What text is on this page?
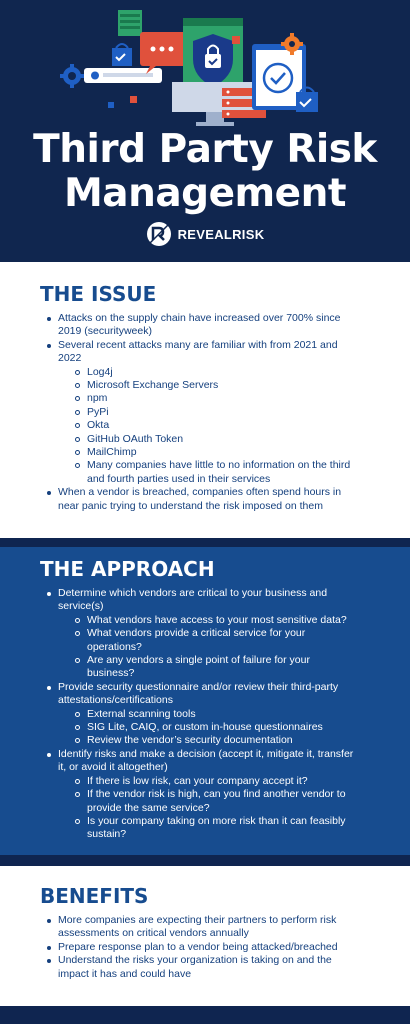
Third Party Risk
Management
REVEALRISK
THE ISSUE
Attacks on the supply chain have increased over 700% since 2019 (securityweek)
Several recent attacks many are familiar with from 2021 and 2022
Log4j
Microsoft Exchange Servers
npm
PyPi
Okta
GitHub OAuth Token
MailChimp
Many companies have little to no information on the third and fourth parties used in their services
When a vendor is breached, companies often spend hours in near panic trying to understand the risk imposed on them
THE APPROACH
Determine which vendors are critical to your business and service(s)
What vendors have access to your most sensitive data?
What vendors provide a critical service for your operations?
Are any vendors a single point of failure for your business?
Provide security questionnaire and/or review their third-party attestations/certifications
External scanning tools
SIG Lite, CAIQ, or custom in-house questionnaires
Review the vendor’s security documentation
Identify risks and make a decision (accept it, mitigate it, transfer it, or avoid it altogether)
If there is low risk, can your company accept it?
If the vendor risk is high, can you find another vendor to provide the same service?
Is your company taking on more risk than it can feasibly sustain?
BENEFITS
More companies are expecting their partners to perform risk assessments on critical vendors annually
Prepare response plan to a vendor being attacked/breached
Understand the risks your organization is taking on and the impact it has and could have
